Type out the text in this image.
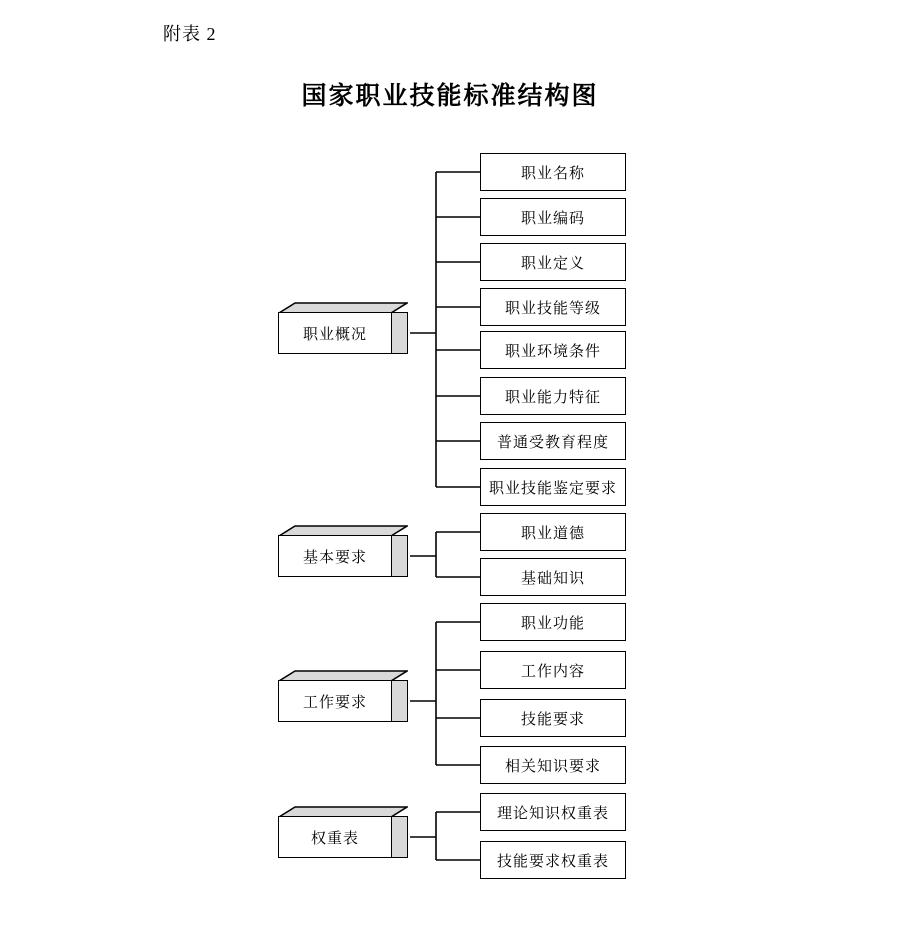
附表 2
国家职业技能标准结构图
职业概况
基本要求
工作要求
权重表
职业名称
职业编码
职业定义
职业技能等级
职业环境条件
职业能力特征
普通受教育程度
职业技能鉴定要求
职业道德
基础知识
职业功能
工作内容
技能要求
相关知识要求
理论知识权重表
技能要求权重表
